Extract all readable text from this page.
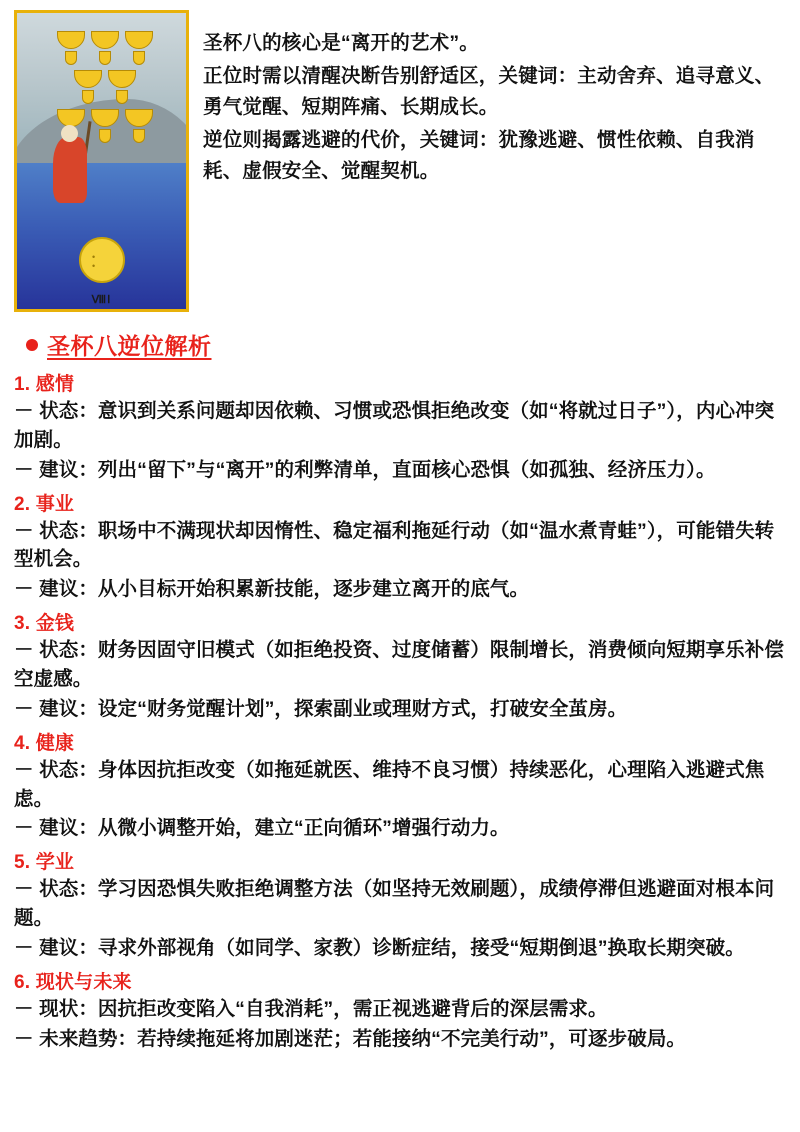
• •
ⅧⅠ

圣杯八的核心是“离开的艺术”。

正位时需以清醒决断告别舒适区，关键词：主动舍弃、追寻意义、勇气觉醒、短期阵痛、长期成长。

逆位则揭露逃避的代价，关键词：犹豫逃避、惯性依赖、自我消耗、虚假安全、觉醒契机。

圣杯八逆位解析
1. 感情

－ 状态：意识到关系问题却因依赖、习惯或恐惧拒绝改变（如“将就过日子”），内心冲突加剧。

－ 建议：列出“留下”与“离开”的利弊清单，直面核心恐惧（如孤独、经济压力）。

2. 事业

－ 状态：职场中不满现状却因惰性、稳定福利拖延行动（如“温水煮青蛙”），可能错失转型机会。

－ 建议：从小目标开始积累新技能，逐步建立离开的底气。

3. 金钱

－ 状态：财务因固守旧模式（如拒绝投资、过度储蓄）限制增长，消费倾向短期享乐补偿空虚感。

－ 建议：设定“财务觉醒计划”，探索副业或理财方式，打破安全茧房。

4. 健康

－ 状态：身体因抗拒改变（如拖延就医、维持不良习惯）持续恶化，心理陷入逃避式焦虑。

－ 建议：从微小调整开始，建立“正向循环”增强行动力。

5. 学业

－ 状态：学习因恐惧失败拒绝调整方法（如坚持无效刷题），成绩停滞但逃避面对根本问题。

－ 建议：寻求外部视角（如同学、家教）诊断症结，接受“短期倒退”换取长期突破。

6. 现状与未来

－ 现状：因抗拒改变陷入“自我消耗”，需正视逃避背后的深层需求。

－ 未来趋势：若持续拖延将加剧迷茫；若能接纳“不完美行动”，可逐步破局。
